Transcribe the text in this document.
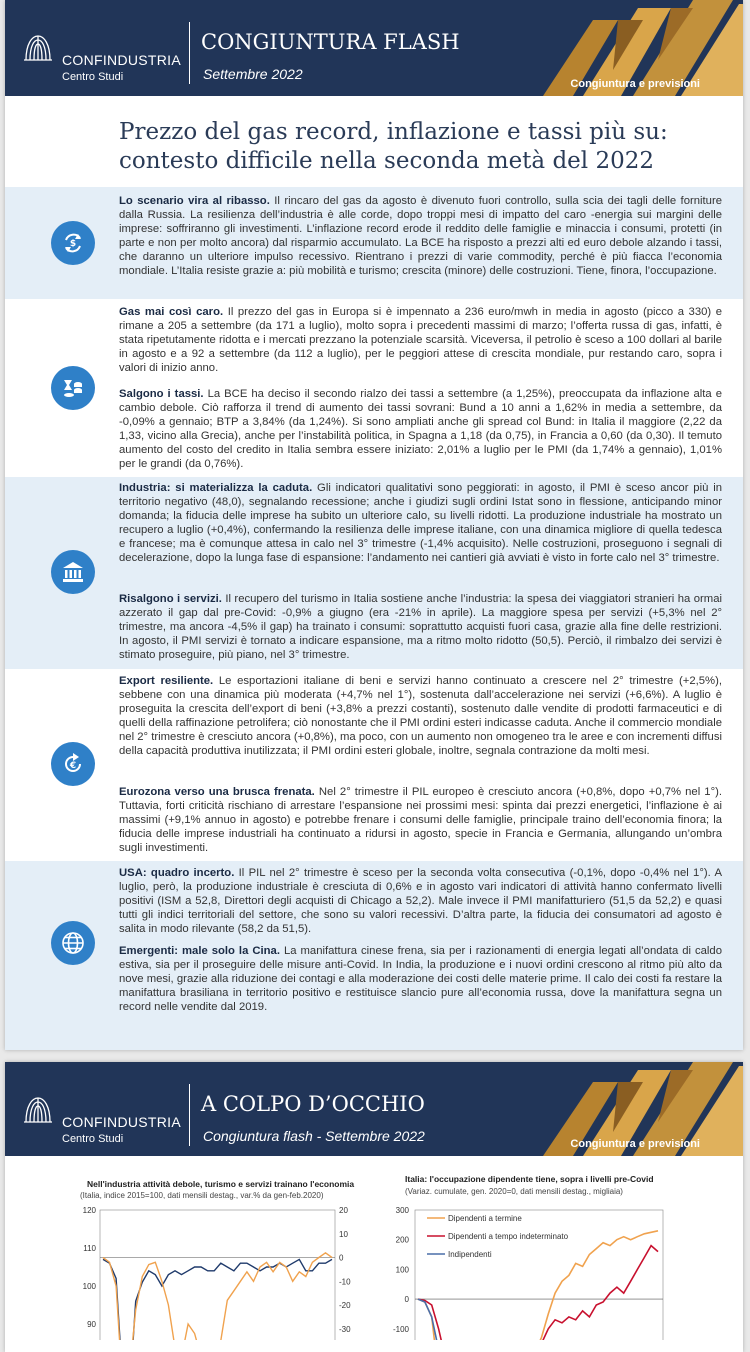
CONFINDUSTRIA
Centro Studi
CONGIUNTURA FLASH
Settembre 2022
Congiuntura e previsioni
Prezzo del gas record, inflazione e tassi più su: contesto difficile nella seconda metà del 2022
$
Lo scenario vira al ribasso. Il rincaro del gas da agosto è divenuto fuori controllo, sulla scia dei tagli delle forniture dalla Russia. La resilienza dell’industria è alle corde, dopo troppi mesi di impatto del caro -energia sui margini delle imprese: soffriranno gli investimenti. L’inflazione record erode il reddito delle famiglie e minaccia i consumi, protetti (in parte e non per molto ancora) dal risparmio accumulato. La BCE ha risposto a prezzi alti ed euro debole alzando i tassi, che daranno un ulteriore impulso recessivo. Rientrano i prezzi di varie commodity, perché è più fiacca l’economia mondiale. L’Italia resiste grazie a: più mobilità e turismo; crescita (minore) delle costruzioni. Tiene, finora, l’occupazione.
Gas mai così caro. Il prezzo del gas in Europa si è impennato a 236 euro/mwh in media in agosto (picco a 330) e rimane a 205 a settembre (da 171 a luglio), molto sopra i precedenti massimi di marzo; l’offerta russa di gas, infatti, è stata ripetutamente ridotta e i mercati prezzano la potenziale scarsità. Viceversa, il petrolio è sceso a 100 dollari al barile in agosto e a 92 a settembre (da 112 a luglio), per le peggiori attese di crescita mondiale, pur restando caro, sopra i valori di inizio anno.
Salgono i tassi. La BCE ha deciso il secondo rialzo dei tassi a settembre (a 1,25%), preoccupata da inflazione alta e cambio debole. Ciò rafforza il trend di aumento dei tassi sovrani: Bund a 10 anni a 1,62% in media a settembre, da -0,09% a gennaio; BTP a 3,84% (da 1,24%). Si sono ampliati anche gli spread col Bund: in Italia il maggiore (2,22 da 1,33, vicino alla Grecia), anche per l’instabilità politica, in Spagna a 1,18 (da 0,75), in Francia a 0,60 (da 0,30). Il temuto aumento del costo del credito in Italia sembra essere iniziato: 2,01% a luglio per le PMI (da 1,74% a gennaio), 1,01% per le grandi (da 0,76%).
Industria: si materializza la caduta. Gli indicatori qualitativi sono peggiorati: in agosto, il PMI è sceso ancor più in territorio negativo (48,0), segnalando recessione; anche i giudizi sugli ordini Istat sono in flessione, anticipando minor domanda; la fiducia delle imprese ha subito un ulteriore calo, su livelli ridotti. La produzione industriale ha mostrato un recupero a luglio (+0,4%), confermando la resilienza delle imprese italiane, con una dinamica migliore di quella tedesca e francese; ma è comunque attesa in calo nel 3° trimestre (-1,4% acquisito). Nelle costruzioni, proseguono i segnali di decelerazione, dopo la lunga fase di espansione: l’andamento nei cantieri già avviati è visto in forte calo nel 3° trimestre.
Risalgono i servizi. Il recupero del turismo in Italia sostiene anche l’industria: la spesa dei viaggiatori stranieri ha ormai azzerato il gap dal pre-Covid: -0,9% a giugno (era -21% in aprile). La maggiore spesa per servizi (+5,3% nel 2° trimestre, ma ancora -4,5% il gap) ha trainato i consumi: soprattutto acquisti fuori casa, grazie alla fine delle restrizioni. In agosto, il PMI servizi è tornato a indicare espansione, ma a ritmo molto ridotto (50,5). Perciò, il rimbalzo dei servizi è stimato proseguire, più piano, nel 3° trimestre.
€
Export resiliente. Le esportazioni italiane di beni e servizi hanno continuato a crescere nel 2° trimestre (+2,5%), sebbene con una dinamica più moderata (+4,7% nel 1°), sostenuta dall’accelerazione nei servizi (+6,6%). A luglio è proseguita la crescita dell’export di beni (+3,8% a prezzi costanti), sostenuto dalle vendite di prodotti farmaceutici e di quelli della raffinazione petrolifera; ciò nonostante che il PMI ordini esteri indicasse caduta. Anche il commercio mondiale nel 2° trimestre è cresciuto ancora (+0,8%), ma poco, con un aumento non omogeneo tra le aree e con incrementi diffusi della capacità produttiva inutilizzata; il PMI ordini esteri globale, inoltre, segnala contrazione da molti mesi.
Eurozona verso una brusca frenata. Nel 2° trimestre il PIL europeo è cresciuto ancora (+0,8%, dopo +0,7% nel 1°). Tuttavia, forti criticità rischiano di arrestare l’espansione nei prossimi mesi: spinta dai prezzi energetici, l’inflazione è ai massimi (+9,1% annuo in agosto) e potrebbe frenare i consumi delle famiglie, principale traino dell’economia finora; la fiducia delle imprese industriali ha continuato a ridursi in agosto, specie in Francia e Germania, allungando un’ombra sugli investimenti.
USA: quadro incerto. Il PIL nel 2° trimestre è sceso per la seconda volta consecutiva (-0,1%, dopo -0,4% nel 1°). A luglio, però, la produzione industriale è cresciuta di 0,6% e in agosto vari indicatori di attività hanno confermato livelli positivi (ISM a 52,8, Direttori degli acquisti di Chicago a 52,2). Male invece il PMI manifatturiero (51,5 da 52,2) e quasi tutti gli indici territoriali del settore, che sono su valori recessivi. D’altra parte, la fiducia dei consumatori ad agosto è salita in modo rilevante (58,2 da 51,5).
Emergenti: male solo la Cina. La manifattura cinese frena, sia per i razionamenti di energia legati all’ondata di caldo estiva, sia per il proseguire delle misure anti-Covid. In India, la produzione e i nuovi ordini crescono al ritmo più alto da nove mesi, grazie alla riduzione dei contagi e alla moderazione dei costi delle materie prime. Il calo dei costi fa restare la manifattura brasiliana in territorio positivo e restituisce slancio pure all’economia russa, dove la manifattura segna un record nelle vendite dal 2019.
CONFINDUSTRIA
Centro Studi
A COLPO D’OCCHIO
Congiuntura flash - Settembre 2022	Congiuntura e previsioni
Nell'industria attività debole, turismo e servizi trainano l'economia
(Italia, indice 2015=100, dati mensili destag., var.% da gen-feb.2020)
120
110
100
90
20
10
0
-10
-20
-30
Italia: l'occupazione dipendente tiene, sopra i livelli pre-Covid
(Variaz. cumulate, gen. 2020=0, dati mensili destag., migliaia)
300
200
100
0
-100
Dipendenti a termine
Dipendenti a tempo indeterminato
Indipendenti
